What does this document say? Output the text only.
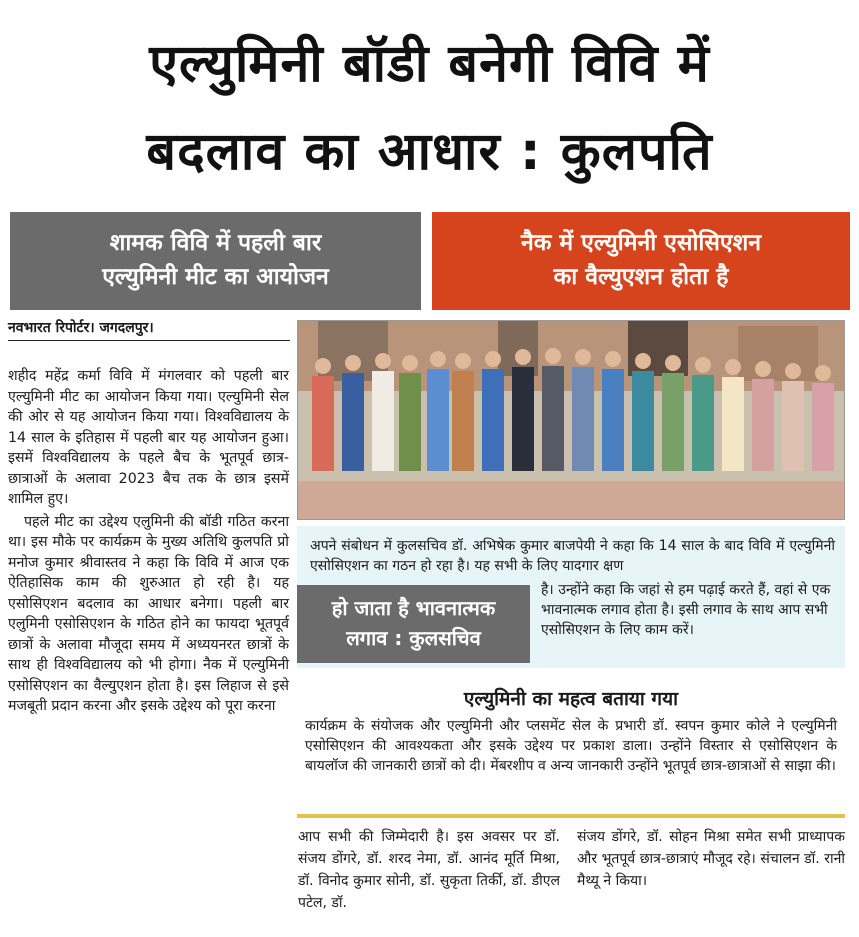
एल्युमिनी बॉडी बनेगी विवि में
बदलाव का आधार : कुलपति
शामक विवि में पहली बार
एल्युमिनी मीट का आयोजन
नैक में एल्युमिनी एसोसिएशन
का वैल्युएशन होता है
नवभारत रिपोर्टर। जगदलपुर।

शहीद महेंद्र कर्मा विवि में मंगलवार को पहली बार एल्युमिनी मीट का आयोजन किया गया। एल्युमिनी सेल की ओर से यह आयोजन किया गया। विश्वविद्यालय के 14 साल के इतिहास में पहली बार यह आयोजन हुआ। इसमें विश्वविद्यालय के पहले बैच के भूतपूर्व छात्र-छात्राओं के अलावा 2023 बैच तक के छात्र इसमें शामिल हुए।

पहले मीट का उद्देश्य एलुमिनी की बॉडी गठित करना था। इस मौके पर कार्यक्रम के मुख्य अतिथि कुलपति प्रो मनोज कुमार श्रीवास्तव ने कहा कि विवि में आज एक ऐतिहासिक काम की शुरुआत हो रही है। यह एसोसिएशन बदलाव का आधार बनेगा। पहली बार एलुमिनी एसोसिएशन के गठित होने का फायदा भूतपूर्व छात्रों के अलावा मौजूदा समय में अध्ययनरत छात्रों के साथ ही विश्वविद्यालय को भी होगा। नैक में एल्युमिनी एसोसिएशन का वैल्युएशन होता है। इस लिहाज से इसे मजबूती प्रदान करना और इसके उद्देश्य को पूरा करना

अपने संबोधन में कुलसचिव डॉ. अभिषेक कुमार बाजपेयी ने कहा कि 14 साल के बाद विवि में एल्युमिनी एसोसिएशन का गठन हो रहा है। यह सभी के लिए यादगार क्षण
हो जाता है भावनात्मक
लगाव : कुलसचिव
है। उन्होंने कहा कि जहां से हम पढ़ाई करते हैं, वहां से एक भावनात्मक लगाव होता है। इसी लगाव के साथ आप सभी एसोसिएशन के लिए काम करें।
एल्युमिनी का महत्व बताया गया
कार्यक्रम के संयोजक और एल्युमिनी और प्लसमेंट सेल के प्रभारी डॉ. स्वपन कुमार कोले ने एल्युमिनी एसोसिएशन की आवश्यकता और इसके उद्देश्य पर प्रकाश डाला। उन्होंने विस्तार से एसोसिएशन के बायलॉज की जानकारी छात्रों को दी। मेंबरशीप व अन्य जानकारी उन्होंने भूतपूर्व छात्र-छात्राओं से साझा की।
आप सभी की जिम्मेदारी है। इस अवसर पर डॉ. संजय डोंगरे, डॉ. शरद नेमा, डॉ. आनंद मूर्ति मिश्रा, डॉ. विनोद कुमार सोनी, डॉ. सुकृता तिर्की, डॉ. डीएल पटेल, डॉ.
संजय डोंगरे, डॉ. सोहन मिश्रा समेत सभी प्राध्यापक और भूतपूर्व छात्र-छात्राएं मौजूद रहे। संचालन डॉ. रानी मैथ्यू ने किया।
